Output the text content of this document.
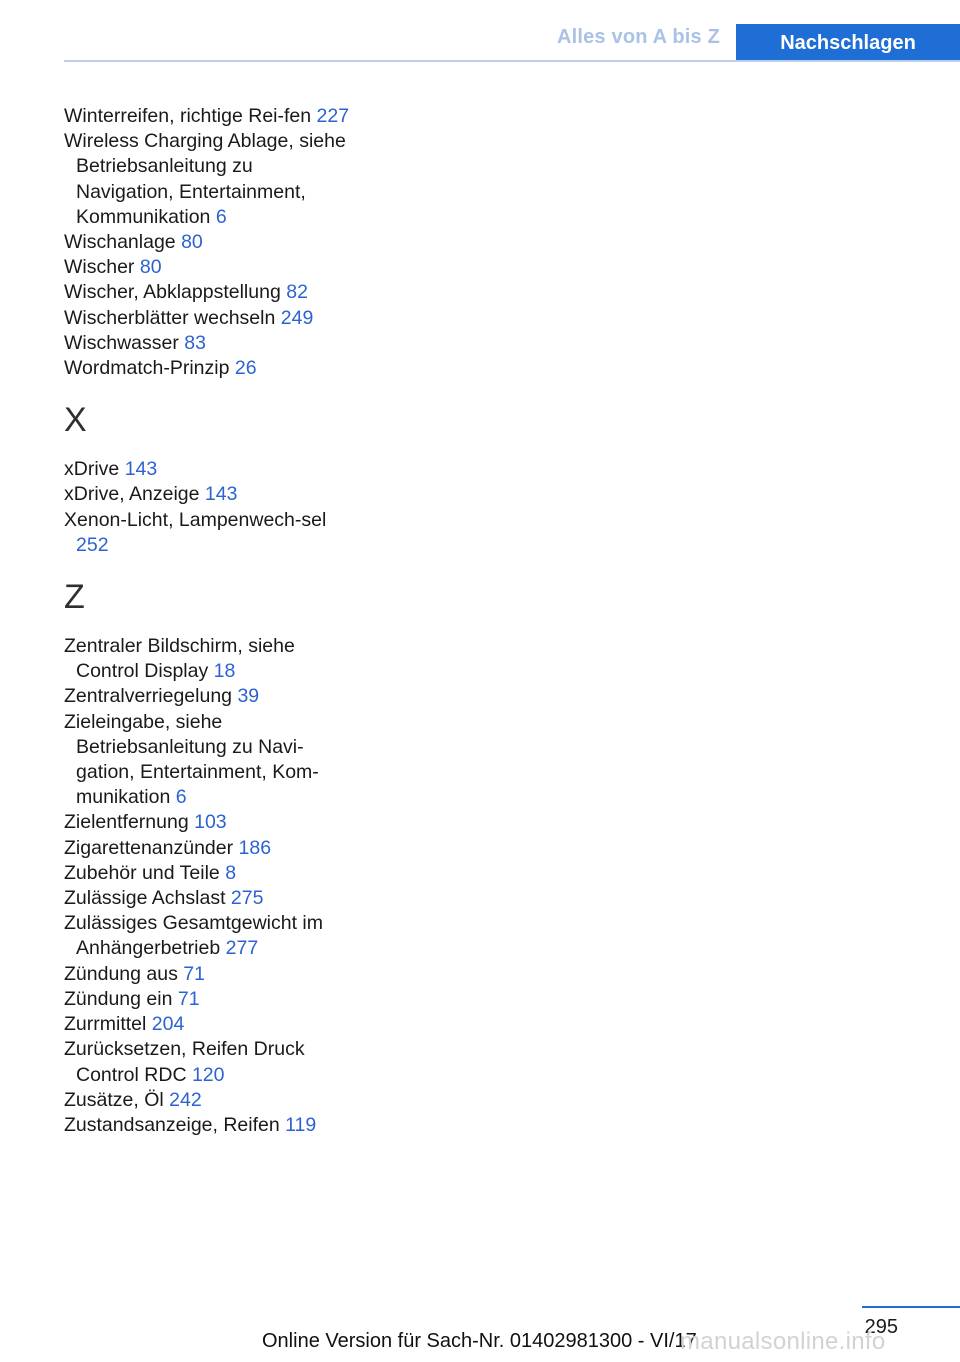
Alles von A bis Z	Nachschlagen
Winterreifen, richtige Rei-fen 227
Wireless Charging Ablage, siehe Betriebsanleitung zu Navigation, Entertainment, Kommunikation 6
Wischanlage 80
Wischer 80
Wischer, Abklappstellung 82
Wischerblätter wechseln 249
Wischwasser 83
Wordmatch-Prinzip 26
X
xDrive 143
xDrive, Anzeige 143
Xenon-Licht, Lampenwech-sel 252
Z
Zentraler Bildschirm, siehe Control Display 18
Zentralverriegelung 39
Zieleingabe, siehe Betriebsanleitung zu Navi-gation, Entertainment, Kom-munikation 6
Zielentfernung 103
Zigarettenanzünder 186
Zubehör und Teile 8
Zulässige Achslast 275
Zulässiges Gesamtgewicht im Anhängerbetrieb 277
Zündung aus 71
Zündung ein 71
Zurrmittel 204
Zurücksetzen, Reifen Druck Control RDC 120
Zusätze, Öl 242
Zustandsanzeige, Reifen 119
295
Online Version für Sach-Nr. 01402981300 - VI/17
manualsonline.info
